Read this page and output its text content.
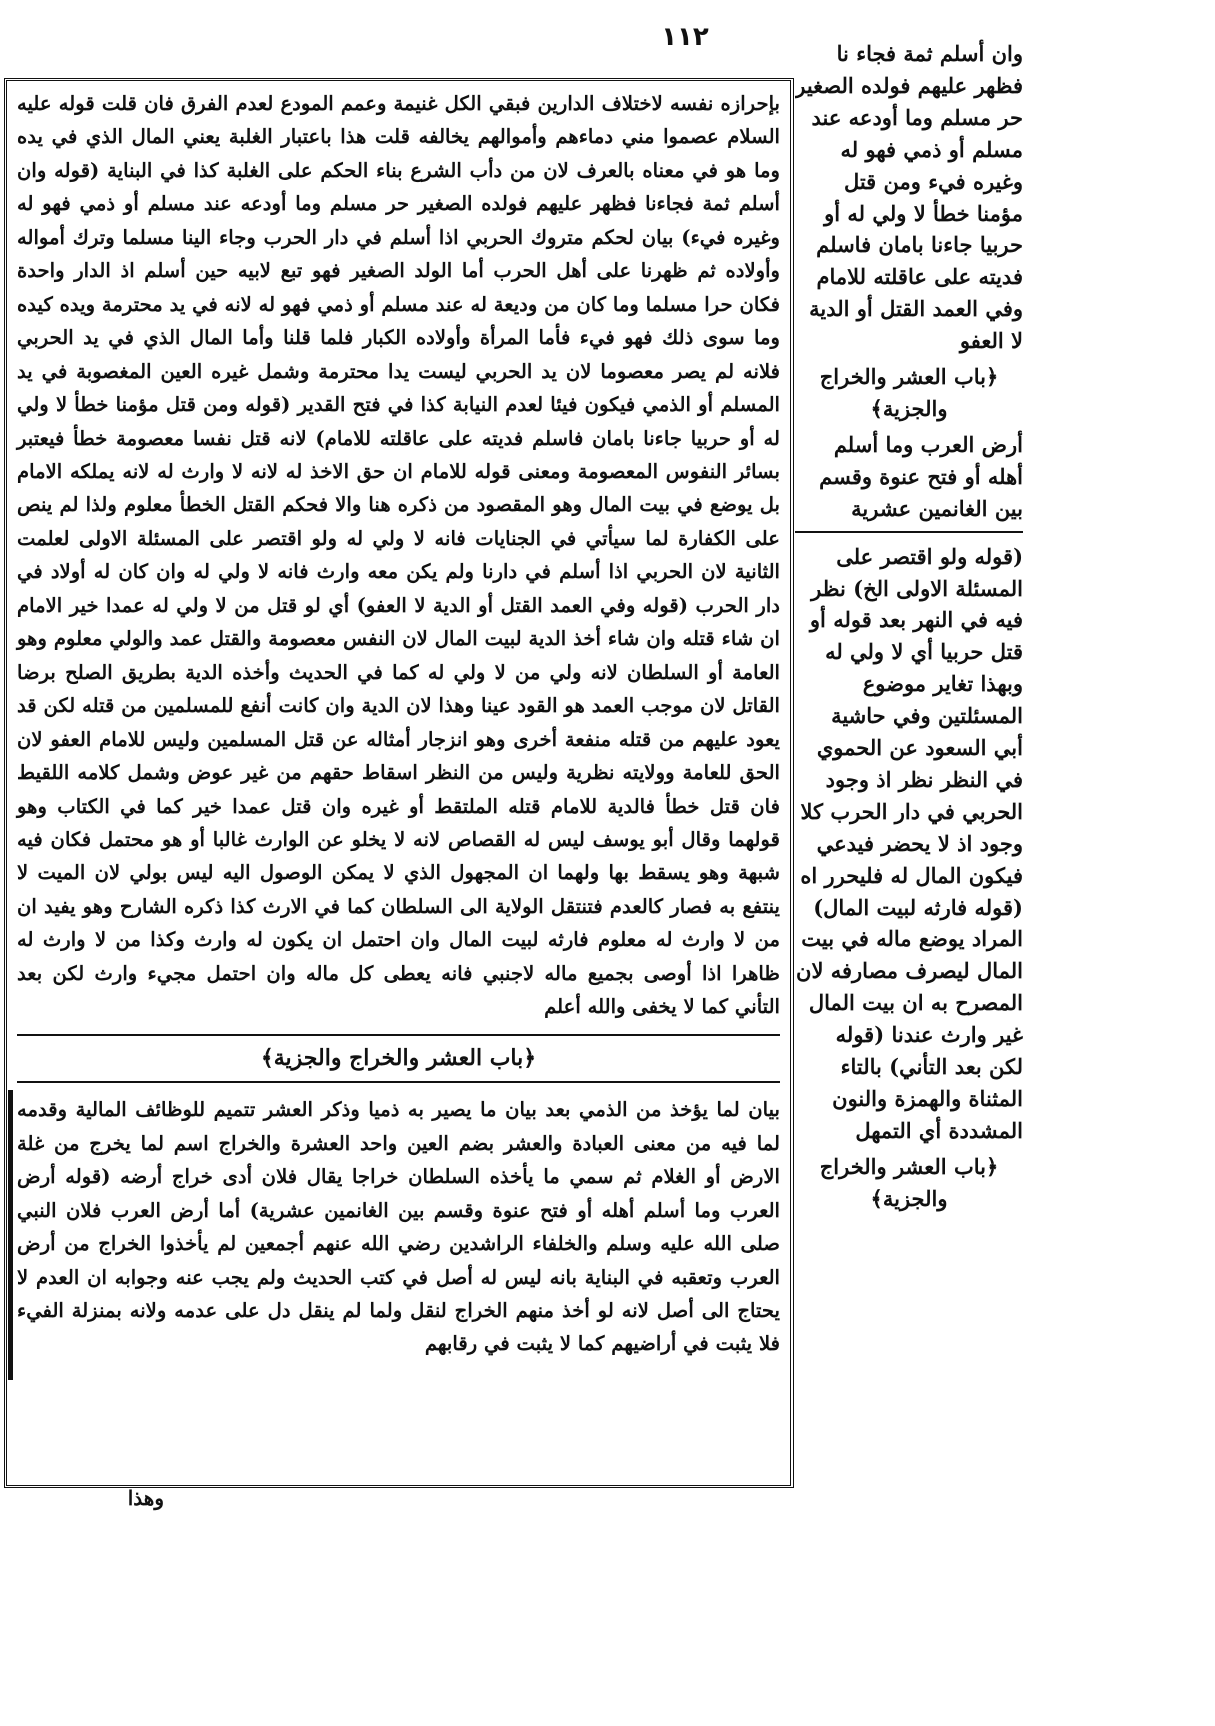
١١٢

وان أسلم ثمة فجاء نا فظهر عليهم فولده الصغير حر مسلم وما أودعه عند مسلم أو ذمي فهو له وغيره فيء ومن قتل مؤمنا خطأ لا ولي له أو حربيا جاءنا بامان فاسلم فديته على عاقلته للامام وفي العمد القتل أو الدية لا العفو

﴿باب العشر والخراج والجزية﴾

أرض العرب وما أسلم أهله أو فتح عنوة وقسم بين الغانمين عشرية

(قوله ولو اقتصر على المسئلة الاولى الخ) نظر فيه في النهر بعد قوله أو قتل حربيا أي لا ولي له وبهذا تغاير موضوع المسئلتين وفي حاشية أبي السعود عن الحموي في النظر نظر اذ وجود الحربي في دار الحرب كلا وجود اذ لا يحضر فيدعي فيكون المال له فليحرر اه (قوله فارثه لبيت المال) المراد يوضع ماله في بيت المال ليصرف مصارفه لان المصرح به ان بيت المال غير وارث عندنا (قوله لكن بعد التأني) بالتاء المثناة والهمزة والنون المشددة أي التمهل

﴿باب العشر والخراج والجزية﴾

بإحرازه نفسه لاختلاف الدارين فبقي الكل غنيمة وعمم المودع لعدم الفرق فان قلت قوله عليه السلام عصموا مني دماءهم وأموالهم يخالفه قلت هذا باعتبار الغلبة يعني المال الذي في يده وما هو في معناه بالعرف لان من دأب الشرع بناء الحكم على الغلبة كذا في البناية (قوله وان أسلم ثمة فجاءنا فظهر عليهم فولده الصغير حر مسلم وما أودعه عند مسلم أو ذمي فهو له وغيره فيء) بيان لحكم متروك الحربي اذا أسلم في دار الحرب وجاء الينا مسلما وترك أمواله وأولاده ثم ظهرنا على أهل الحرب أما الولد الصغير فهو تبع لابيه حين أسلم اذ الدار واحدة فكان حرا مسلما وما كان من وديعة له عند مسلم أو ذمي فهو له لانه في يد محترمة ويده كيده وما سوى ذلك فهو فيء فأما المرأة وأولاده الكبار فلما قلنا وأما المال الذي في يد الحربي فلانه لم يصر معصوما لان يد الحربي ليست يدا محترمة وشمل غيره العين المغصوبة في يد المسلم أو الذمي فيكون فيئا لعدم النيابة كذا في فتح القدير (قوله ومن قتل مؤمنا خطأ لا ولي له أو حربيا جاءنا بامان فاسلم فديته على عاقلته للامام) لانه قتل نفسا معصومة خطأ فيعتبر بسائر النفوس المعصومة ومعنى قوله للامام ان حق الاخذ له لانه لا وارث له لانه يملكه الامام بل يوضع في بيت المال وهو المقصود من ذكره هنا والا فحكم القتل الخطأ معلوم ولذا لم ينص على الكفارة لما سيأتي في الجنايات فانه لا ولي له ولو اقتصر على المسئلة الاولى لعلمت الثانية لان الحربي اذا أسلم في دارنا ولم يكن معه وارث فانه لا ولي له وان كان له أولاد في دار الحرب (قوله وفي العمد القتل أو الدية لا العفو) أي لو قتل من لا ولي له عمدا خير الامام ان شاء قتله وان شاء أخذ الدية لبيت المال لان النفس معصومة والقتل عمد والولي معلوم وهو العامة أو السلطان لانه ولي من لا ولي له كما في الحديث وأخذه الدية بطريق الصلح برضا القاتل لان موجب العمد هو القود عينا وهذا لان الدية وان كانت أنفع للمسلمين من قتله لكن قد يعود عليهم من قتله منفعة أخرى وهو انزجار أمثاله عن قتل المسلمين وليس للامام العفو لان الحق للعامة وولايته نظرية وليس من النظر اسقاط حقهم من غير عوض وشمل كلامه اللقيط فان قتل خطأ فالدية للامام قتله الملتقط أو غيره وان قتل عمدا خير كما في الكتاب وهو قولهما وقال أبو يوسف ليس له القصاص لانه لا يخلو عن الوارث غالبا أو هو محتمل فكان فيه شبهة وهو يسقط بها ولهما ان المجهول الذي لا يمكن الوصول اليه ليس بولي لان الميت لا ينتفع به فصار كالعدم فتنتقل الولاية الى السلطان كما في الارث كذا ذكره الشارح وهو يفيد ان من لا وارث له معلوم فارثه لبيت المال وان احتمل ان يكون له وارث وكذا من لا وارث له ظاهرا اذا أوصى بجميع ماله لاجنبي فانه يعطى كل ماله وان احتمل مجيء وارث لكن بعد التأني كما لا يخفى والله أعلم

﴿باب العشر والخراج والجزية﴾

بيان لما يؤخذ من الذمي بعد بيان ما يصير به ذميا وذكر العشر تتميم للوظائف المالية وقدمه لما فيه من معنى العبادة والعشر بضم العين واحد العشرة والخراج اسم لما يخرج من غلة الارض أو الغلام ثم سمي ما يأخذه السلطان خراجا يقال فلان أدى خراج أرضه (قوله أرض العرب وما أسلم أهله أو فتح عنوة وقسم بين الغانمين عشرية) أما أرض العرب فلان النبي صلى الله عليه وسلم والخلفاء الراشدين رضي الله عنهم أجمعين لم يأخذوا الخراج من أرض العرب وتعقبه في البناية بانه ليس له أصل في كتب الحديث ولم يجب عنه وجوابه ان العدم لا يحتاج الى أصل لانه لو أخذ منهم الخراج لنقل ولما لم ينقل دل على عدمه ولانه بمنزلة الفيء فلا يثبت في أراضيهم كما لا يثبت في رقابهم

وهذا
